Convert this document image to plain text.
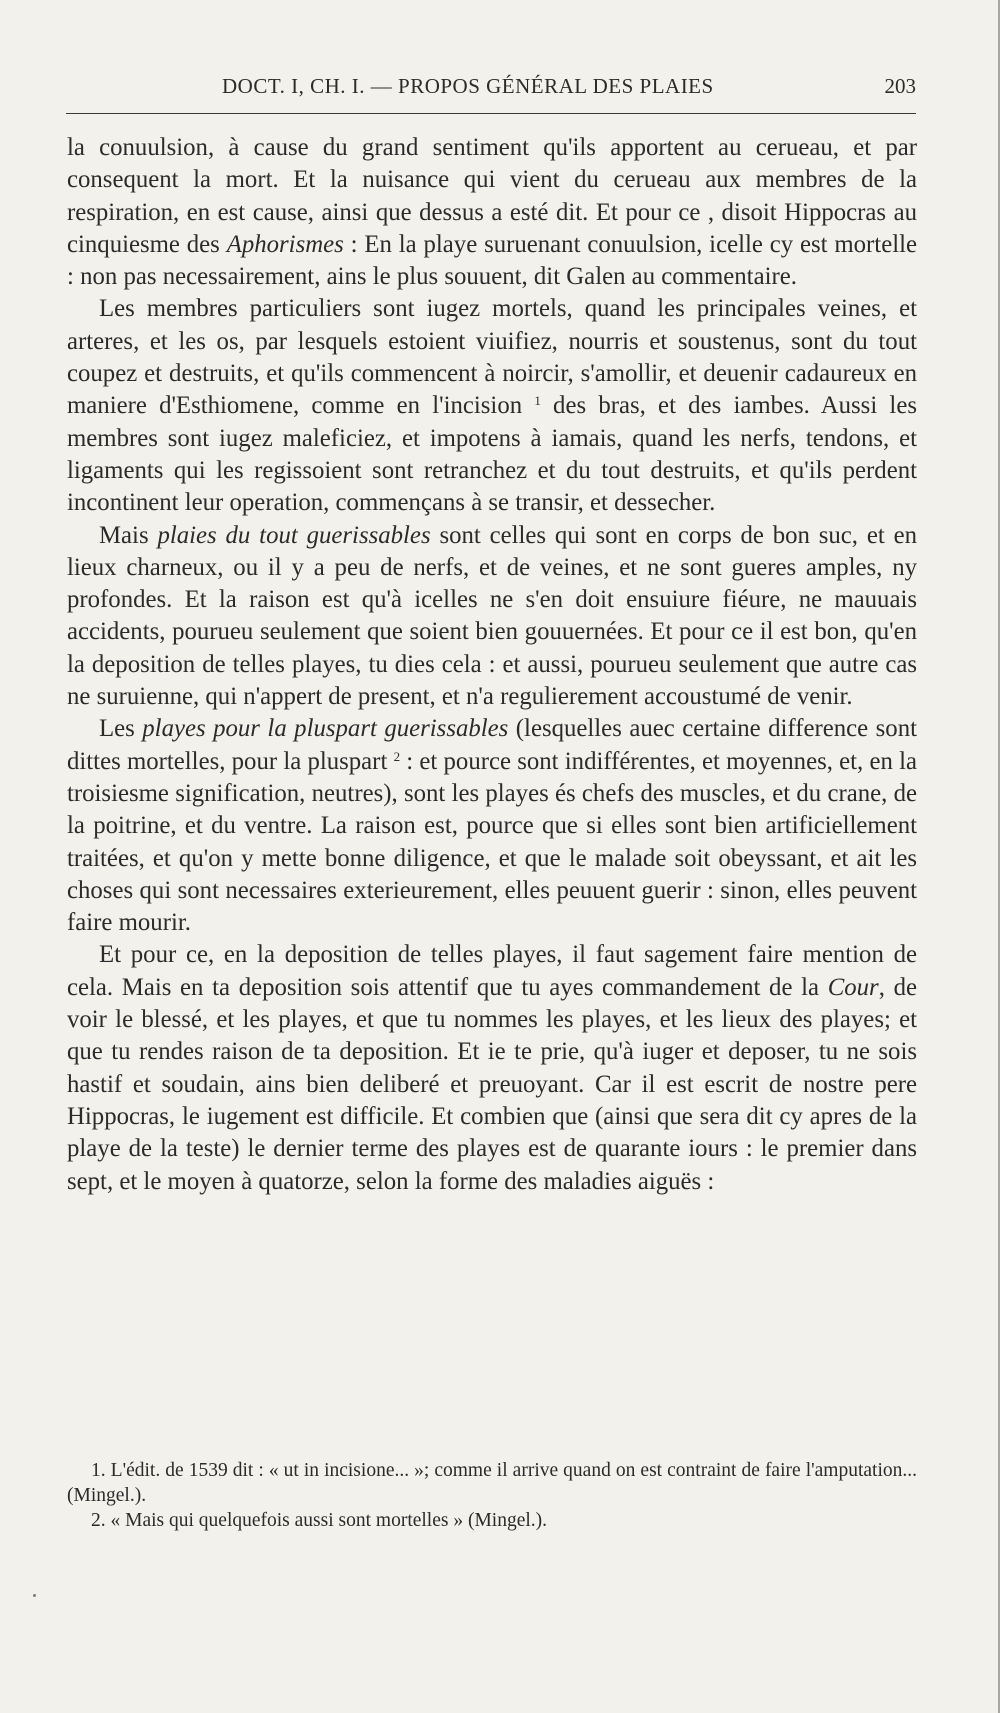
DOCT. I, CH. I. — PROPOS GÉNÉRAL DES PLAIES	203

la conuulsion, à cause du grand sentiment qu'ils apportent au cerueau, et par consequent la mort. Et la nuisance qui vient du cerueau aux membres de la respiration, en est cause, ainsi que dessus a esté dit. Et pour ce , disoit Hippocras au cinquiesme des Aphorismes : En la playe suruenant conuulsion, icelle cy est mortelle : non pas necessairement, ains le plus souuent, dit Galen au commentaire.

Les membres particuliers sont iugez mortels, quand les principales veines, et arteres, et les os, par lesquels estoient viuifiez, nourris et soustenus, sont du tout coupez et destruits, et qu'ils commencent à noircir, s'amollir, et deuenir cadaureux en maniere d'Esthiomene, comme en l'incision $^1$ des bras, et des iambes. Aussi les membres sont iugez maleficiez, et impotens à iamais, quand les nerfs, tendons, et ligaments qui les regissoient sont retranchez et du tout destruits, et qu'ils perdent incontinent leur operation, commençans à se transir, et dessecher.

Mais plaies du tout guerissables sont celles qui sont en corps de bon suc, et en lieux charneux, ou il y a peu de nerfs, et de veines, et ne sont gueres amples, ny profondes. Et la raison est qu'à icelles ne s'en doit ensuiure fiéure, ne mauuais accidents, pourueu seulement que soient bien gouuernées. Et pour ce il est bon, qu'en la deposition de telles playes, tu dies cela : et aussi, pourueu seulement que autre cas ne suruienne, qui n'appert de present, et n'a regulierement accoustumé de venir.

Les playes pour la pluspart guerissables (lesquelles auec certaine difference sont dittes mortelles, pour la pluspart $^2$ : et pource sont indifférentes, et moyennes, et, en la troisiesme signification, neutres), sont les playes és chefs des muscles, et du crane, de la poitrine, et du ventre. La raison est, pource que si elles sont bien artificiellement traitées, et qu'on y mette bonne diligence, et que le malade soit obeyssant, et ait les choses qui sont necessaires exterieurement, elles peuuent guerir : sinon, elles peuvent faire mourir.

Et pour ce, en la deposition de telles playes, il faut sagement faire mention de cela. Mais en ta deposition sois attentif que tu ayes commandement de la Cour, de voir le blessé, et les playes, et que tu nommes les playes, et les lieux des playes; et que tu rendes raison de ta deposition. Et ie te prie, qu'à iuger et deposer, tu ne sois hastif et soudain, ains bien deliberé et preuoyant. Car il est escrit de nostre pere Hippocras, le iugement est difficile. Et combien que (ainsi que sera dit cy apres de la playe de la teste) le dernier terme des playes est de quarante iours : le premier dans sept, et le moyen à quatorze, selon la forme des maladies aiguës :

1. L'édit. de 1539 dit : « ut in incisione... »; comme il arrive quand on est contraint de faire l'amputation... (Mingel.).

2. « Mais qui quelquefois aussi sont mortelles » (Mingel.).
